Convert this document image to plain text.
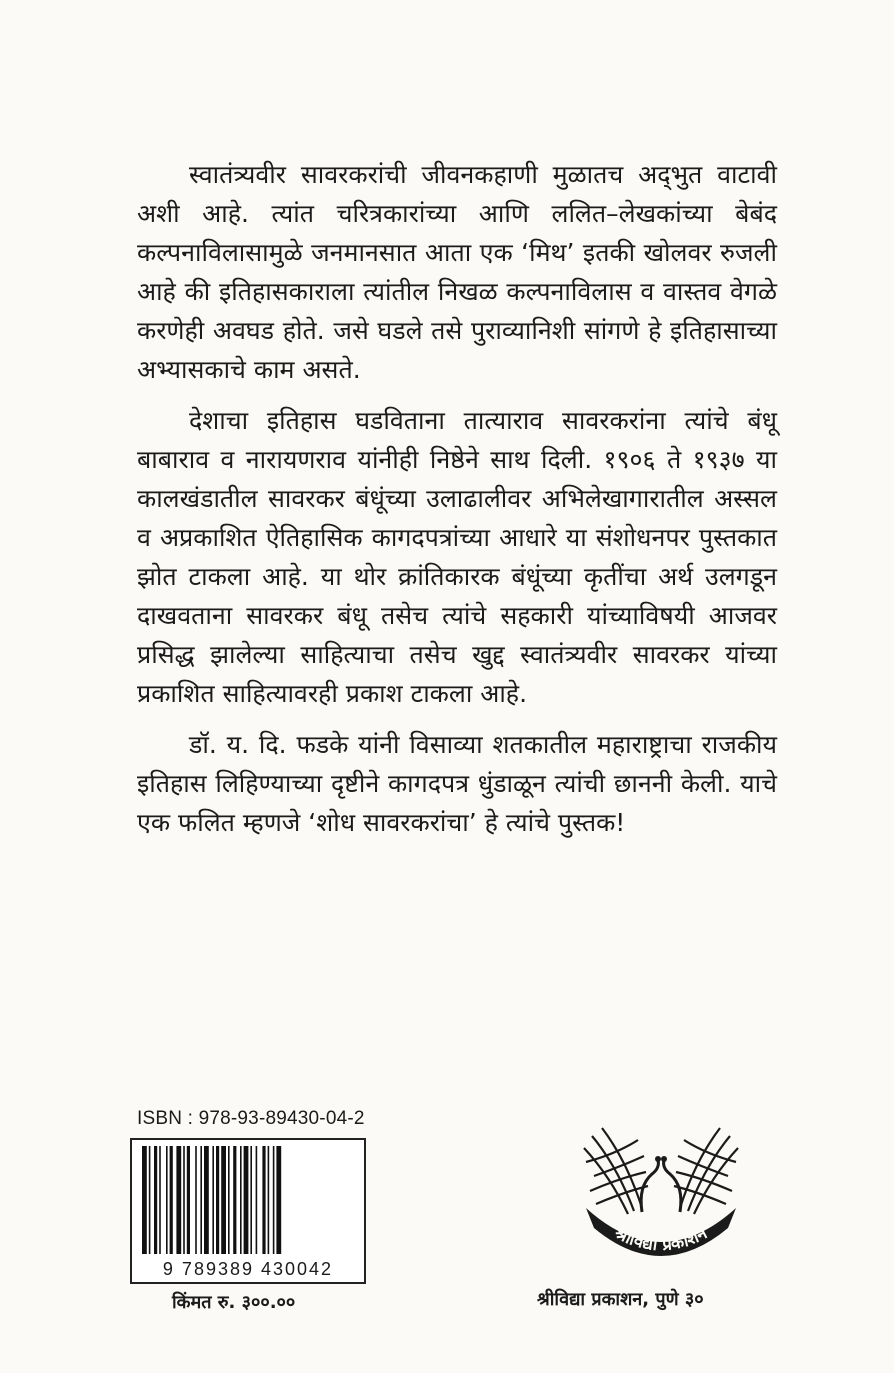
स्वातंत्र्यवीर सावरकरांची जीवनकहाणी मुळातच अद्‌भुत वाटावी अशी आहे. त्यांत चरित्रकारांच्या आणि ललित–लेखकांच्या बेबंद कल्पनाविलासामुळे जनमानसात आता एक ‘मिथ’ इतकी खोलवर रुजली आहे की इतिहासकाराला त्यांतील निखळ कल्पनाविलास व वास्तव वेगळे करणेही अवघड होते. जसे घडले तसे पुराव्यानिशी सांगणे हे इतिहासाच्या अभ्यासकाचे काम असते.

देशाचा इतिहास घडविताना तात्याराव सावरकरांना त्यांचे बंधू बाबाराव व नारायणराव यांनीही निष्ठेने साथ दिली. १९०६ ते १९३७ या कालखंडातील सावरकर बंधूंच्या उलाढालीवर अभिलेखागारातील अस्सल व अप्रकाशित ऐतिहासिक कागदपत्रांच्या आधारे या संशोधनपर पुस्तकात झोत टाकला आहे. या थोर क्रांतिकारक बंधूंच्या कृतींचा अर्थ उलगडून दाखवताना सावरकर बंधू तसेच त्यांचे सहकारी यांच्याविषयी आजवर प्रसिद्ध झालेल्या साहित्याचा तसेच खुद्द स्वातंत्र्यवीर सावरकर यांच्या प्रकाशित साहित्यावरही प्रकाश टाकला आहे.

डॉ. य. दि. फडके यांनी विसाव्या शतकातील महाराष्ट्राचा राजकीय इतिहास लिहिण्याच्या दृष्टीने कागदपत्र धुंडाळून त्यांची छाननी केली. याचे एक फलित म्हणजे ‘शोध सावरकरांचा’ हे त्यांचे पुस्तक!

ISBN : 978-93-89430-04-2
9 789389 430042
किंमत रु. ३००.००
श्रीविद्या प्रकाशन
श्रीविद्या प्रकाशन, पुणे ३०
